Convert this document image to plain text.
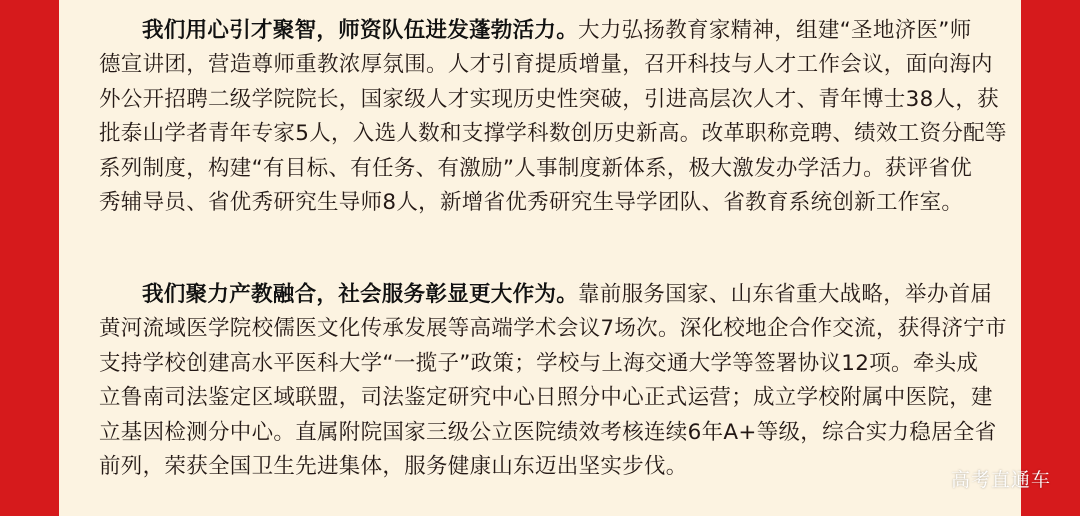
我们用心引才聚智，师资队伍进发蓬勃活力。大力弘扬教育家精神，组建“圣地济医”师
德宣讲团，营造尊师重教浓厚氛围。人才引育提质增量，召开科技与人才工作会议，面向海内
外公开招聘二级学院院长，国家级人才实现历史性突破，引进高层次人才、青年博士38人，获
批泰山学者青年专家5人，入选人数和支撑学科数创历史新高。改革职称竞聘、绩效工资分配等
系列制度，构建“有目标、有任务、有激励”人事制度新体系，极大激发办学活力。获评省优
秀辅导员、省优秀研究生导师8人，新增省优秀研究生导学团队、省教育系统创新工作室。
我们聚力产教融合，社会服务彰显更大作为。靠前服务国家、山东省重大战略，举办首届
黄河流域医学院校儒医文化传承发展等高端学术会议7场次。深化校地企合作交流，获得济宁市
支持学校创建高水平医科大学“一揽子”政策；学校与上海交通大学等签署协议12项。牵头成
立鲁南司法鉴定区域联盟，司法鉴定研究中心日照分中心正式运营；成立学校附属中医院，建
立基因检测分中心。直属附院国家三级公立医院绩效考核连续6年A+等级，综合实力稳居全省
前列，荣获全国卫生先进集体，服务健康山东迈出坚实步伐。
高考直通车
